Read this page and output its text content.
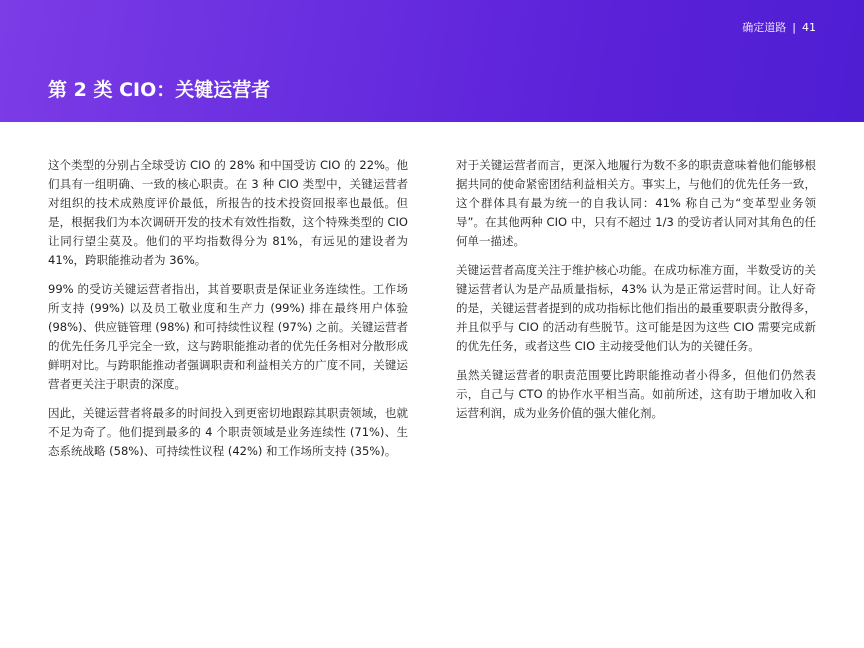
确定道路 | 41
第 2 类 CIO：关键运营者

这个类型的分别占全球受访 CIO 的 28% 和中国受访 CIO 的 22%。他们具有一组明确、一致的核心职责。在 3 种 CIO 类型中，关键运营者对组织的技术成熟度评价最低，所报告的技术投资回报率也最低。但是，根据我们为本次调研开发的技术有效性指数，这个特殊类型的 CIO 让同行望尘莫及。他们的平均指数得分为 81%，有远见的建设者为 41%，跨职能推动者为 36%。

99% 的受访关键运营者指出，其首要职责是保证业务连续性。工作场所支持 (99%) 以及员工敬业度和生产力 (99%) 排在最终用户体验 (98%)、供应链管理 (98%) 和可持续性议程 (97%) 之前。关键运营者的优先任务几乎完全一致，这与跨职能推动者的优先任务相对分散形成鲜明对比。与跨职能推动者强调职责和利益相关方的广度不同，关键运营者更关注于职责的深度。

因此，关键运营者将最多的时间投入到更密切地跟踪其职责领域，也就不足为奇了。他们提到最多的 4 个职责领域是业务连续性 (71%)、生态系统战略 (58%)、可持续性议程 (42%) 和工作场所支持 (35%)。

对于关键运营者而言，更深入地履行为数不多的职责意味着他们能够根据共同的使命紧密团结利益相关方。事实上，与他们的优先任务一致，这个群体具有最为统一的自我认同：41% 称自己为“变革型业务领导”。在其他两种 CIO 中，只有不超过 1/3 的受访者认同对其角色的任何单一描述。

关键运营者高度关注于维护核心功能。在成功标准方面，半数受访的关键运营者认为是产品质量指标，43% 认为是正常运营时间。让人好奇的是，关键运营者提到的成功指标比他们指出的最重要职责分散得多，并且似乎与 CIO 的活动有些脱节。这可能是因为这些 CIO 需要完成新的优先任务，或者这些 CIO 主动接受他们认为的关键任务。

虽然关键运营者的职责范围要比跨职能推动者小得多，但他们仍然表示，自己与 CTO 的协作水平相当高。如前所述，这有助于增加收入和运营利润，成为业务价值的强大催化剂。
